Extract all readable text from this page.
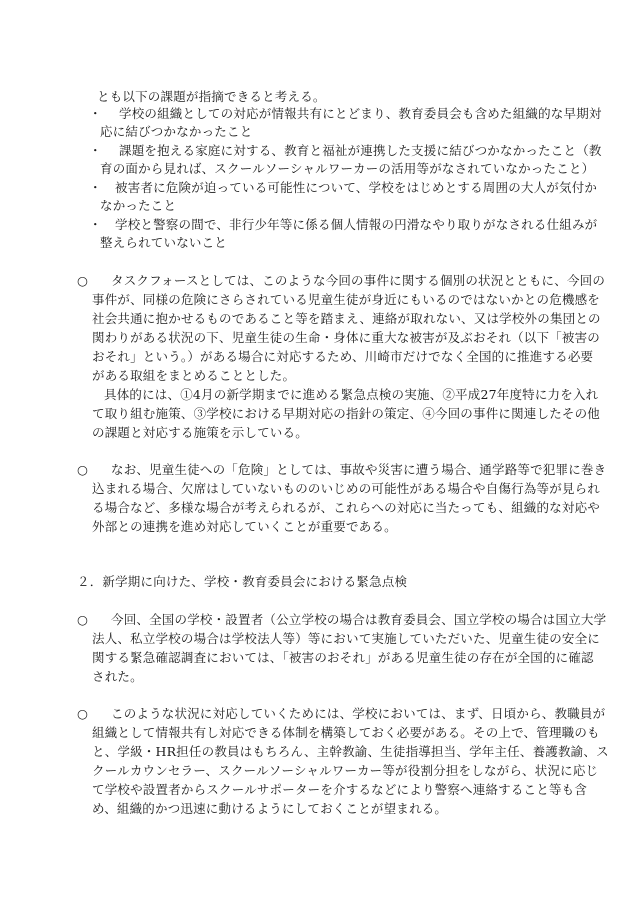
とも以下の課題が指摘できると考える。
・ 学校の組織としての対応が情報共有にとどまり、教育委員会も含めた組織的な早期対
応に結びつかなかったこと
・ 課題を抱える家庭に対する、教育と福祉が連携した支援に結びつかなかったこと（教
育の面から見れば、スクールソーシャルワーカーの活用等がなされていなかったこと）
・ 被害者に危険が迫っている可能性について、学校をはじめとする周囲の大人が気付か
なかったこと
・ 学校と警察の間で、非行少年等に係る個人情報の円滑なやり取りがなされる仕組みが
整えられていないこと
○ タスクフォースとしては、このような今回の事件に関する個別の状況とともに、今回の
事件が、同様の危険にさらされている児童生徒が身近にもいるのではないかとの危機感を
社会共通に抱かせるものであること等を踏まえ、連絡が取れない、又は学校外の集団との
関わりがある状況の下、児童生徒の生命・身体に重大な被害が及ぶおそれ（以下「被害の
おそれ」という。）がある場合に対応するため、川崎市だけでなく全国的に推進する必要
がある取組をまとめることとした。
具体的には、①4月の新学期までに進める緊急点検の実施、②平成27年度特に力を入れ
て取り組む施策、③学校における早期対応の指針の策定、④今回の事件に関連したその他
の課題と対応する施策を示している。
○ なお、児童生徒への「危険」としては、事故や災害に遭う場合、通学路等で犯罪に巻き
込まれる場合、欠席はしていないもののいじめの可能性がある場合や自傷行為等が見られ
る場合など、多様な場合が考えられるが、これらへの対応に当たっても、組織的な対応や
外部との連携を進め対応していくことが重要である。
２．新学期に向けた、学校・教育委員会における緊急点検
○ 今回、全国の学校・設置者（公立学校の場合は教育委員会、国立学校の場合は国立大学
法人、私立学校の場合は学校法人等）等において実施していただいた、児童生徒の安全に
関する緊急確認調査においては、「被害のおそれ」がある児童生徒の存在が全国的に確認
された。
○ このような状況に対応していくためには、学校においては、まず、日頃から、教職員が
組織として情報共有し対応できる体制を構築しておく必要がある。その上で、管理職のも
と、学級・HR担任の教員はもちろん、主幹教諭、生徒指導担当、学年主任、養護教諭、ス
クールカウンセラー、スクールソーシャルワーカー等が役割分担をしながら、状況に応じ
て学校や設置者からスクールサポーターを介するなどにより警察へ連絡すること等も含
め、組織的かつ迅速に動けるようにしておくことが望まれる。
